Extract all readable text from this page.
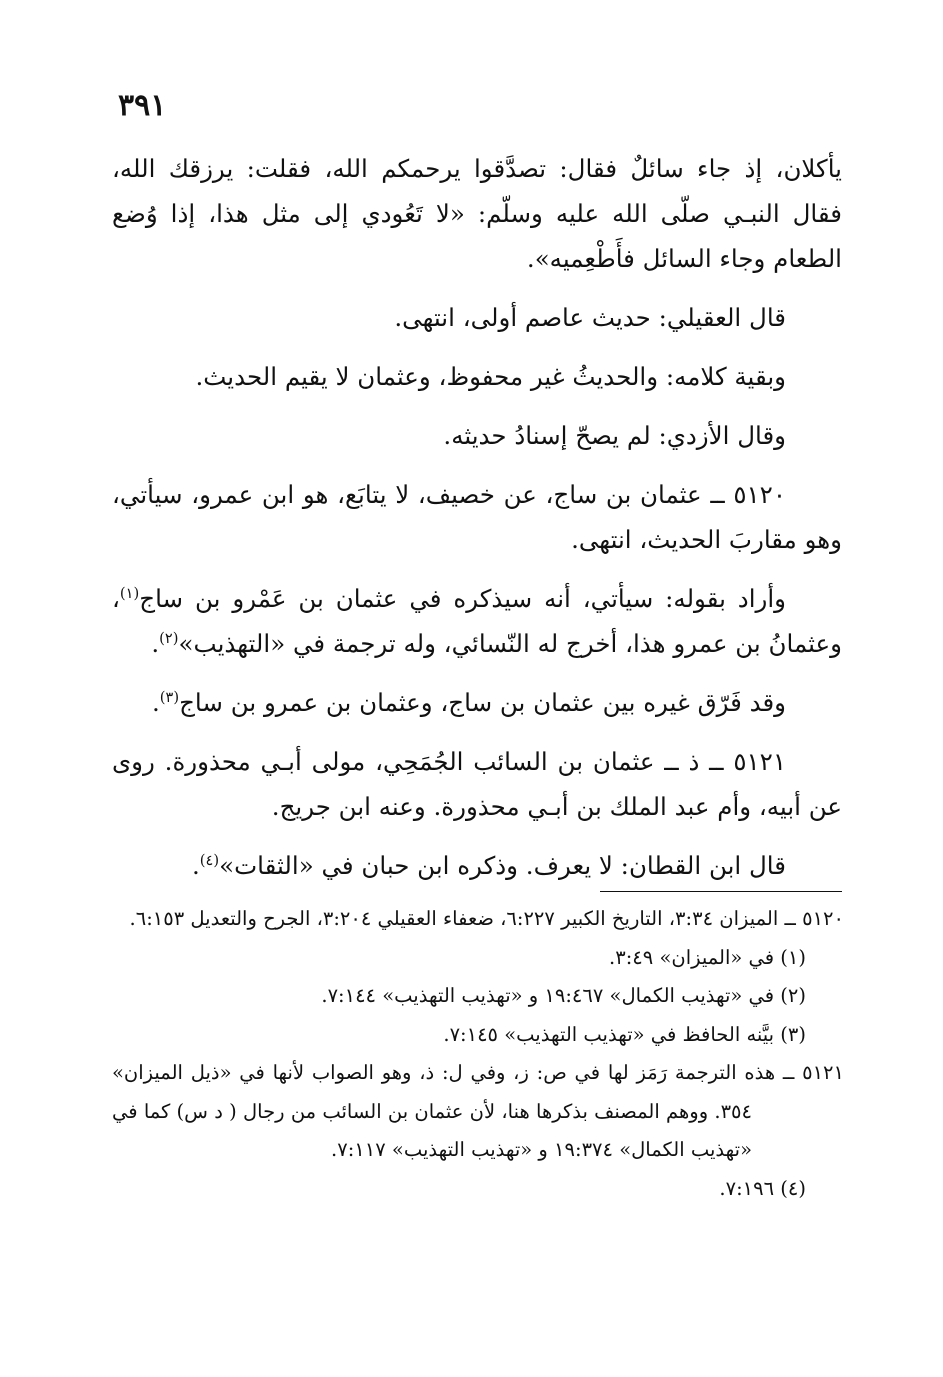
٣٩١

يأكلان، إذ جاء سائلٌ فقال: تصدَّقوا يرحمكم الله، فقلت: يرزقك الله، فقال النبـي صلّى الله عليه وسلّم: «لا تَعُودي إلى مثل هذا، إذا وُضع الطعام وجاء السائل فأَطْعِميه».

قال العقيلي: حديث عاصم أولى، انتهى.

وبقية كلامه: والحديثُ غير محفوظ، وعثمان لا يقيم الحديث.

وقال الأزدي: لم يصحّ إسنادُ حديثه.

٥١٢٠ ــ عثمان بن ساج، عن خصيف، لا يتابَع، هو ابن عمرو، سيأتي، وهو مقاربَ الحديث، انتهى.

وأراد بقوله: سيأتي، أنه سيذكره في عثمان بن عَمْرو بن ساج$^{(١)}$، وعثمانُ بن عمرو هذا، أخرج له النّسائي، وله ترجمة في «التهذيب»$^{(٢)}$.

وقد فَرّق غيره بين عثمان بن ساج، وعثمان بن عمرو بن ساج$^{(٣)}$.

٥١٢١ ــ ذ ــ عثمان بن السائب الجُمَحِي، مولى أبـي محذورة. روى عن أبيه، وأم عبد الملك بن أبـي محذورة. وعنه ابن جريج.

قال ابن القطان: لا يعرف. وذكره ابن حبان في «الثقات»$^{(٤)}$.

٥١٢٠ ــ الميزان ٣:٣٤، التاريخ الكبير ٦:٢٢٧، ضعفاء العقيلي ٣:٢٠٤، الجرح والتعديل ٦:١٥٣.

(١) في «الميزان» ٣:٤٩.

(٢) في «تهذيب الكمال» ١٩:٤٦٧ و «تهذيب التهذيب» ٧:١٤٤.

(٣) بيَّنه الحافظ في «تهذيب التهذيب» ٧:١٤٥.

٥١٢١ ــ هذه الترجمة رَمَز لها في ص: ز، وفي ل: ذ، وهو الصواب لأنها في «ذيل الميزان» ٣٥٤. ووهم المصنف بذكرها هنا، لأن عثمان بن السائب من رجال ( د س) كما في «تهذيب الكمال» ١٩:٣٧٤ و «تهذيب التهذيب» ٧:١١٧.

(٤) ٧:١٩٦.
